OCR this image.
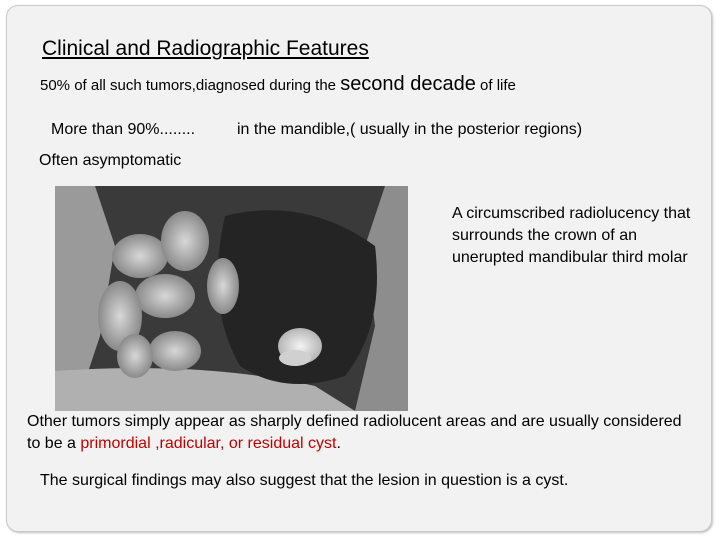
Clinical and Radiographic Features
50% of all such tumors,diagnosed during the second decade of life
More than 90%........	in the mandible,( usually in the posterior regions)
Often asymptomatic
A circumscribed radiolucency that surrounds the crown of an unerupted mandibular third molar
Other tumors simply appear as sharply defined radiolucent areas and are usually considered to be a primordial ,radicular, or residual cyst.
The surgical findings may also suggest that the lesion in question is a cyst.
